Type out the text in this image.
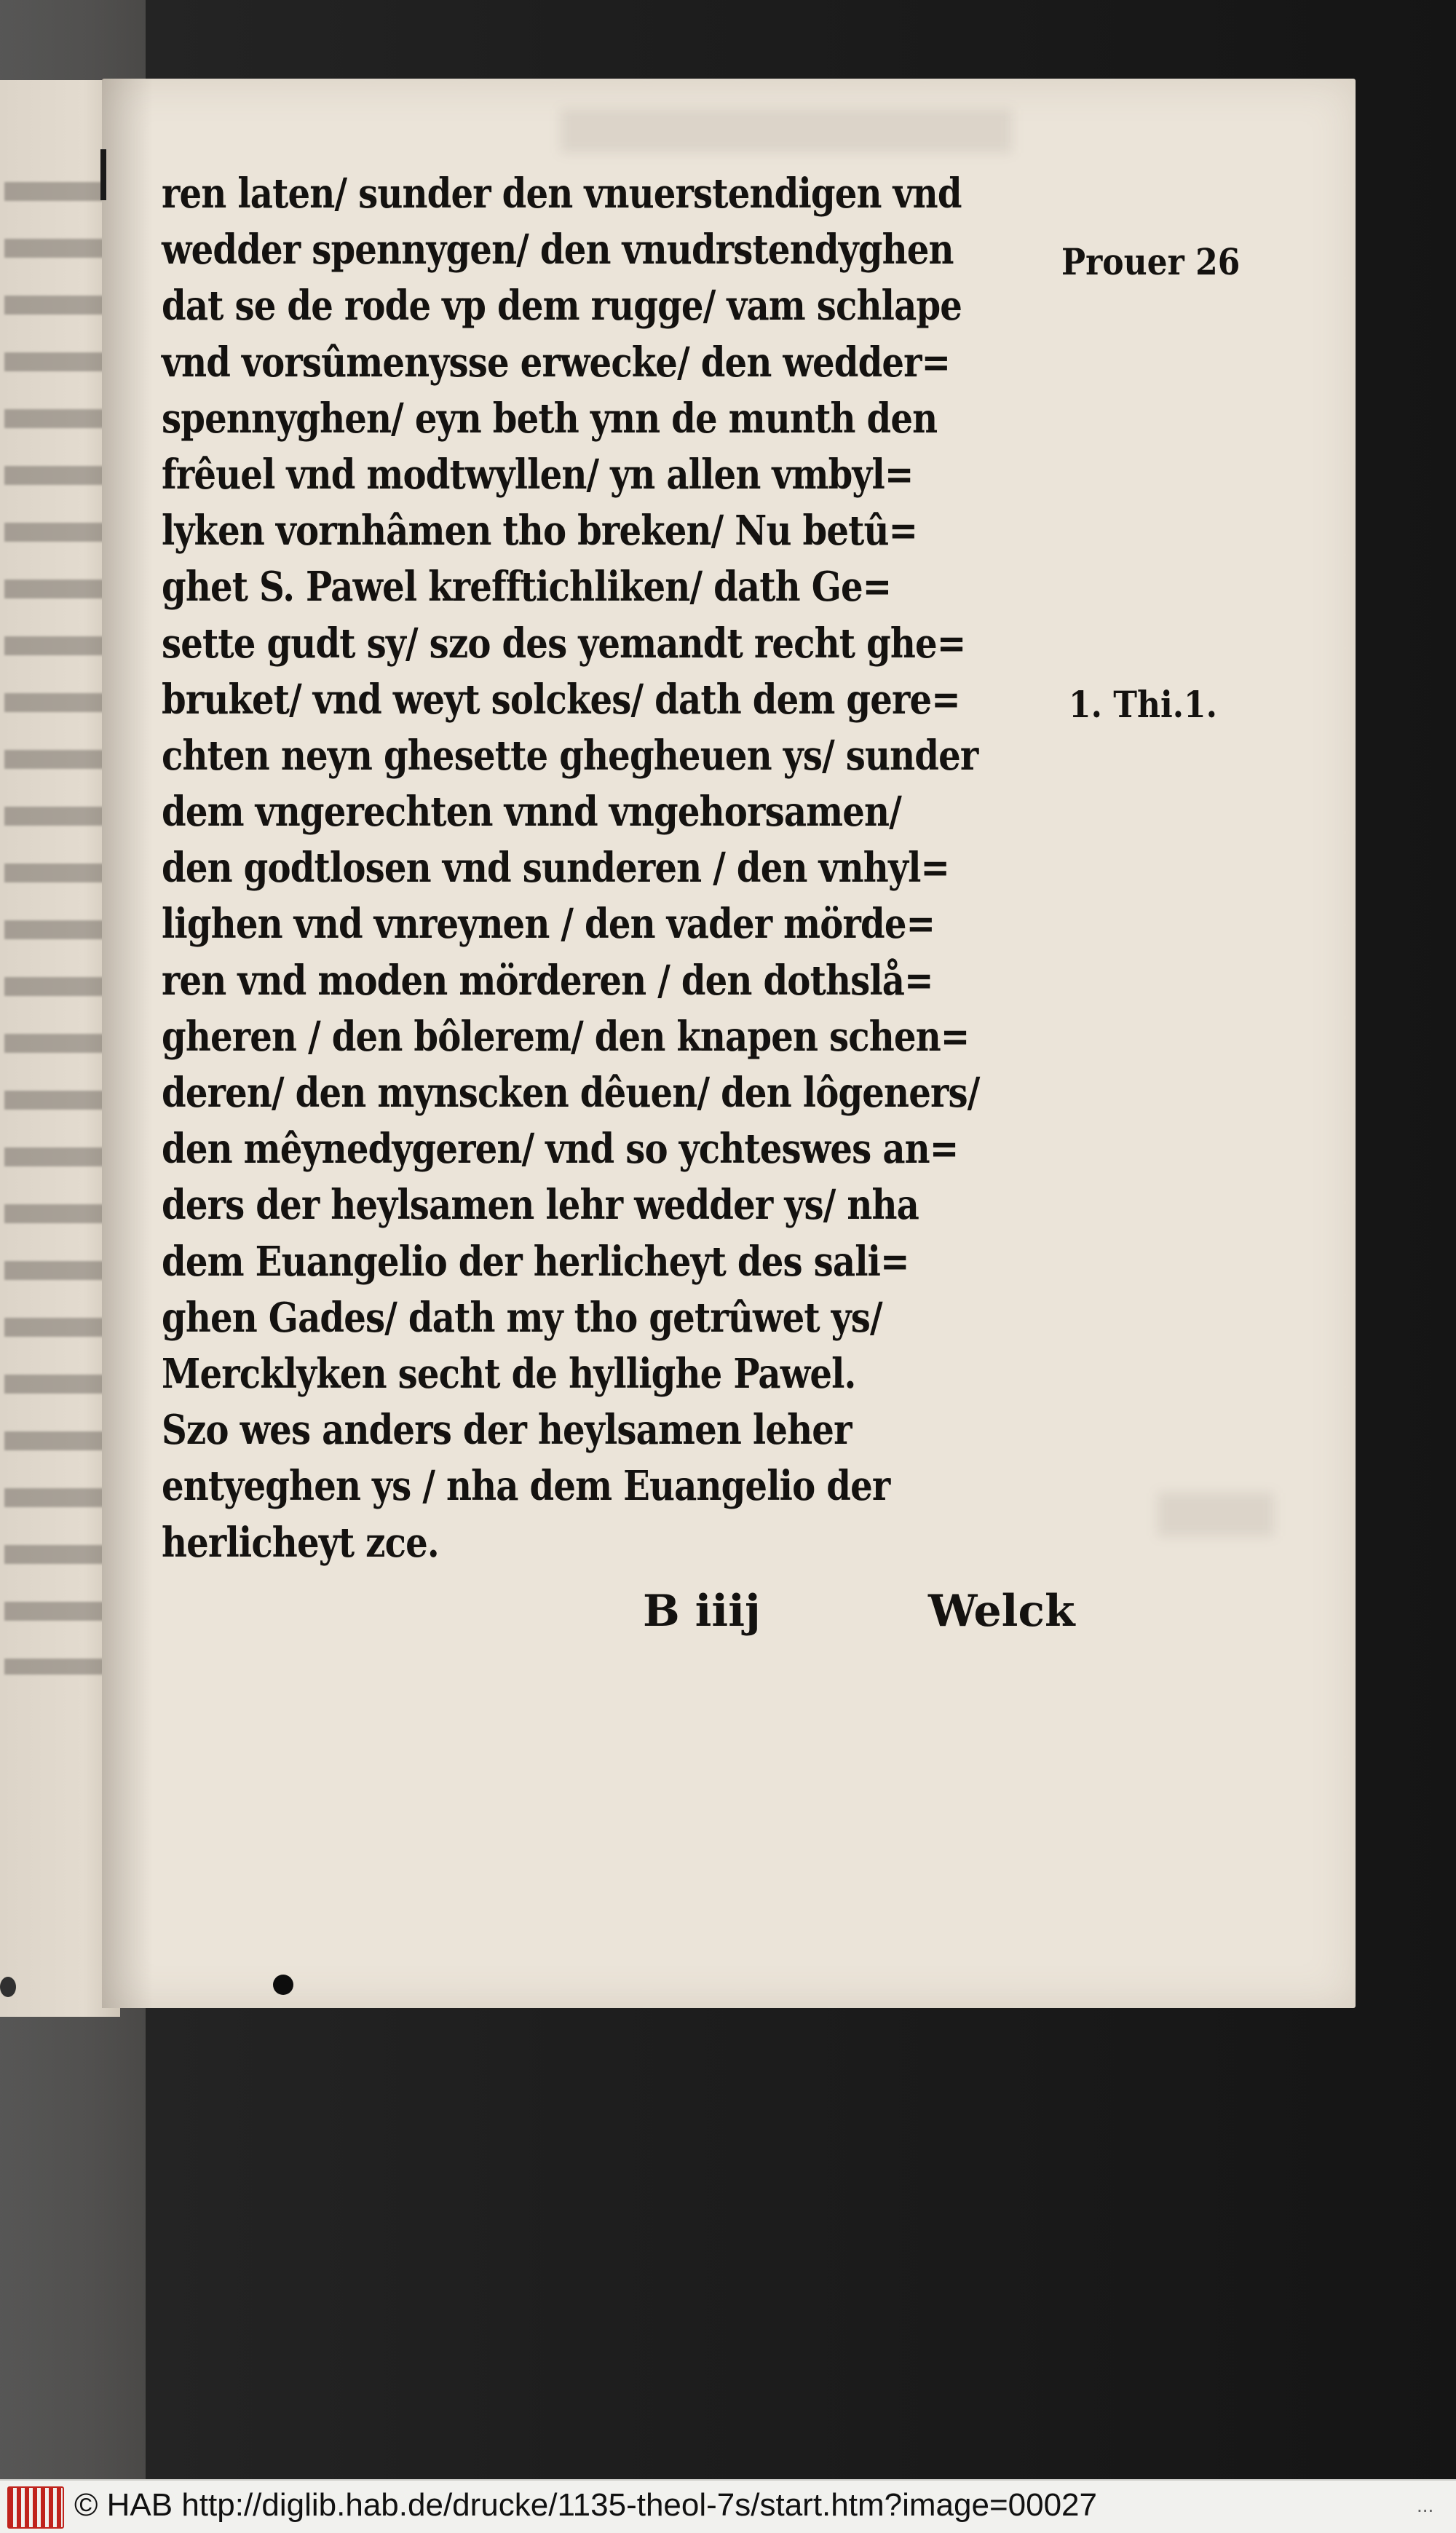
ren laten/ sunder den vnuerstendigen vnd
wedder spennygen/ den vnudrstendyghen
dat se de rode vp dem rugge/ vam schlape
vnd vorsûmenysse erwecke/ den wedder=
spennyghen/ eyn beth ynn de munth den
frêuel vnd modtwyllen/ yn allen vmbyl=
lyken vornhâmen tho breken/ Nu betû=
ghet S. Pawel krefftichliken/ dath Ge=
sette gudt sy/ szo des yemandt recht ghe=
bruket/ vnd weyt solckes/ dath dem gere=
chten neyn ghesette ghegheuen ys/ sunder
dem vngerechten vnnd vngehorsamen/
den godtlosen vnd sunderen / den vnhyl=
lighen vnd vnreynen / den vader mörde=
ren vnd moden mörderen / den dothslå=
gheren / den bôlerem/ den knapen schen=
deren/ den mynscken dêuen/ den lôgeners/
den mêynedygeren/ vnd so ychteswes an=
ders der heylsamen lehr wedder ys/ nha
dem Euangelio der herlicheyt des sali=
ghen Gades/ dath my tho getrûwet ys/
Mercklyken secht de hyllighe Pawel.
Szo wes anders der heylsamen leher
entyeghen ys / nha dem Euangelio der
herlicheyt zce.
Prouer 26
1. Thi.1.
B iiij	Welck
© HAB http://diglib.hab.de/drucke/1135-theol-7s/start.htm?image=00027	...
